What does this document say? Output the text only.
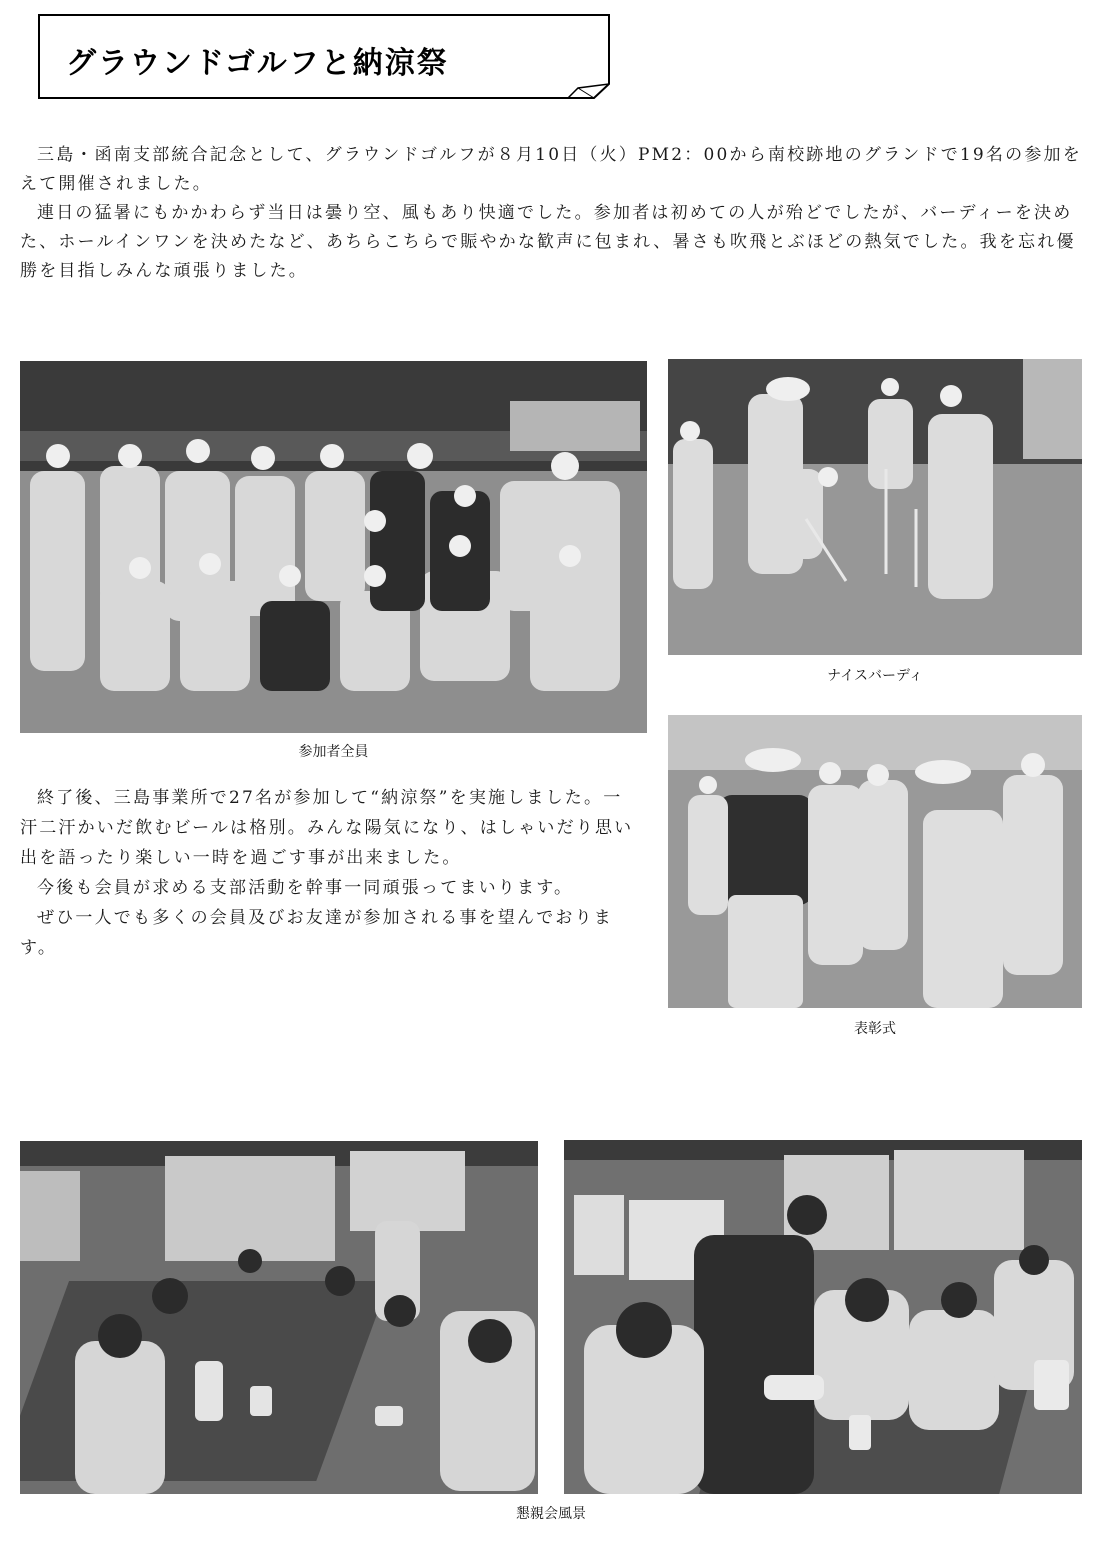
グラウンドゴルフと納涼祭

三島・函南支部統合記念として、グラウンドゴルフが８月10日（火）PM2：00から南校跡地のグランドで19名の参加をえて開催されました。

連日の猛暑にもかかわらず当日は曇り空、風もあり快適でした。参加者は初めての人が殆どでしたが、バーディーを決めた、ホールインワンを決めたなど、あちらこちらで賑やかな歓声に包まれ、暑さも吹飛とぶほどの熱気でした。我を忘れ優勝を目指しみんな頑張りました。

参加者全員
ナイスバーディ
表彰式

終了後、三島事業所で27名が参加して“納涼祭”を実施しました。一汗二汗かいだ飲むビールは格別。みんな陽気になり、はしゃいだり思い出を語ったり楽しい一時を過ごす事が出来ました。

今後も会員が求める支部活動を幹事一同頑張ってまいります。

ぜひ一人でも多くの会員及びお友達が参加される事を望んでおります。

懇親会風景
